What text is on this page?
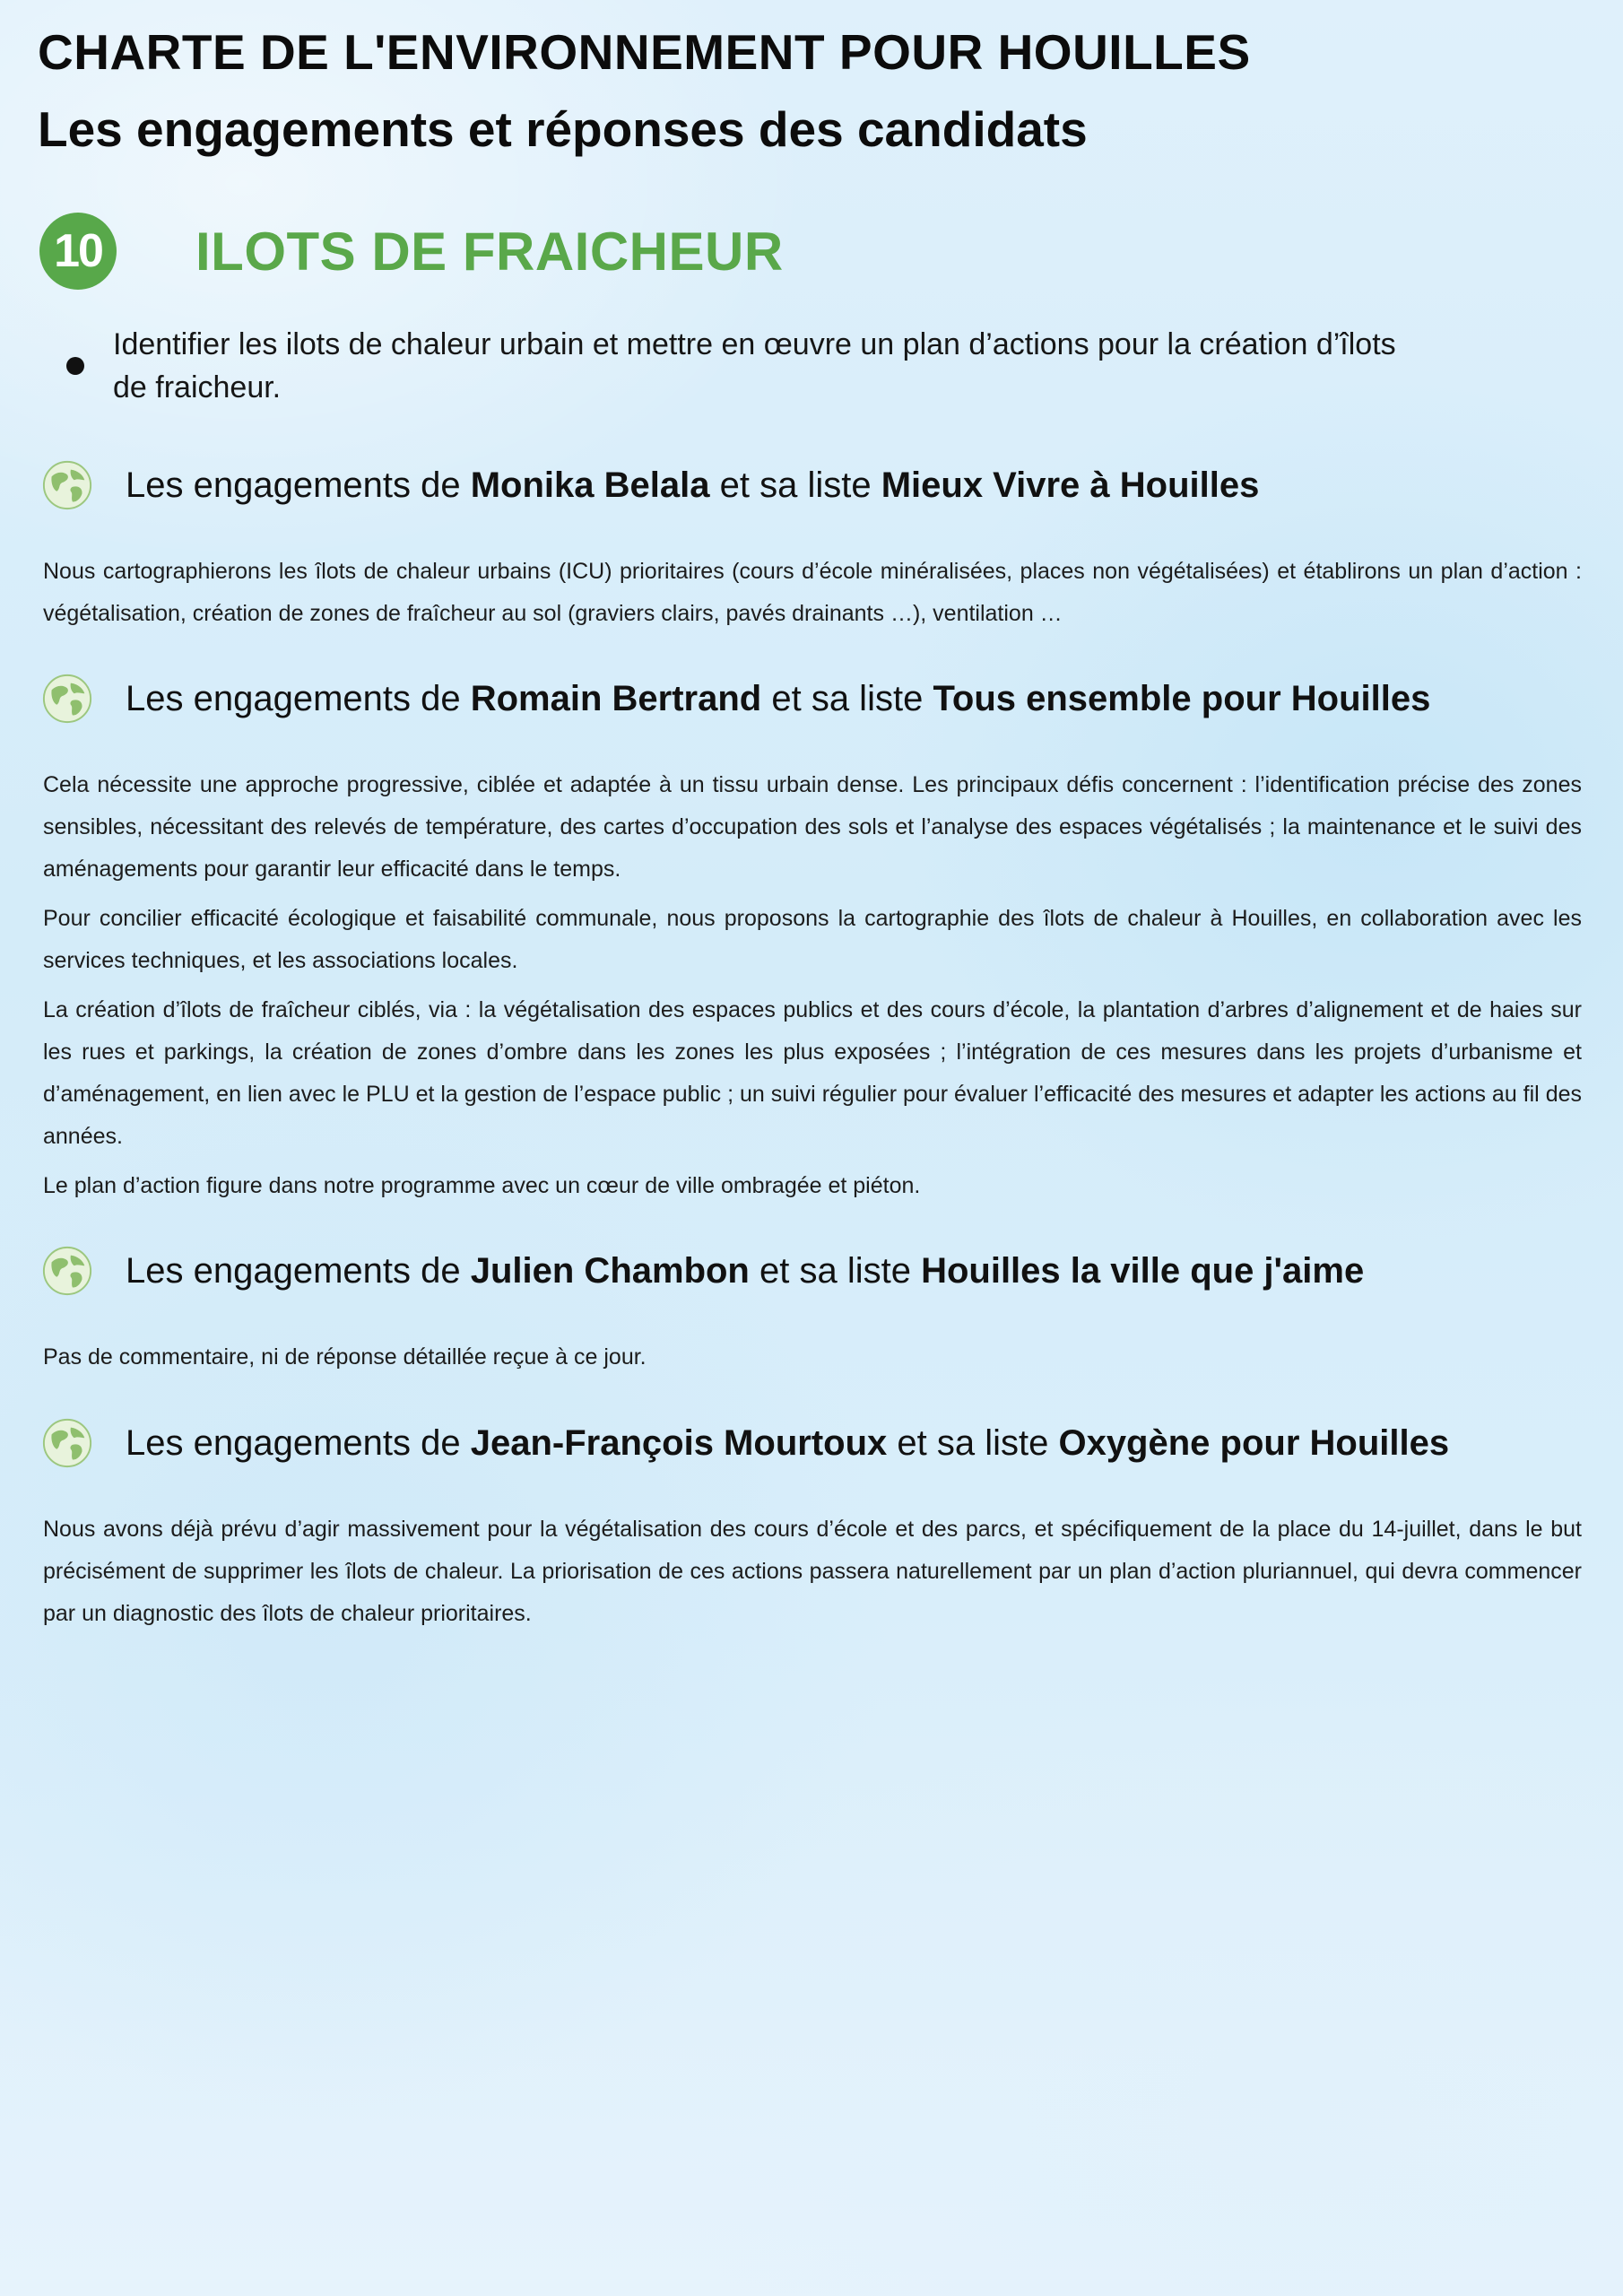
CHARTE DE L'ENVIRONNEMENT POUR HOUILLES
Les engagements et réponses des candidats
10 ILOTS DE FRAICHEUR
Identifier les ilots de chaleur urbain et mettre en œuvre un plan d’actions pour la création d’îlots de fraicheur.
Les engagements de Monika Belala et sa liste Mieux Vivre à Houilles

Nous cartographierons les îlots de chaleur urbains (ICU) prioritaires (cours d’école minéralisées, places non végétalisées) et établirons un plan d’action : végétalisation, création de zones de fraîcheur au sol (graviers clairs, pavés drainants …), ventilation …

Les engagements de Romain Bertrand et sa liste Tous ensemble pour Houilles

Cela nécessite une approche progressive, ciblée et adaptée à un tissu urbain dense. Les principaux défis concernent : l’identification précise des zones sensibles, nécessitant des relevés de température, des cartes d’occupation des sols et l’analyse des espaces végétalisés ; la maintenance et le suivi des aménagements pour garantir leur efficacité dans le temps.

Pour concilier efficacité écologique et faisabilité communale, nous proposons la cartographie des îlots de chaleur à Houilles, en collaboration avec les services techniques, et les associations locales.

La création d’îlots de fraîcheur ciblés, via : la végétalisation des espaces publics et des cours d’école, la plantation d’arbres d’alignement et de haies sur les rues et parkings, la création de zones d’ombre dans les zones les plus exposées ; l’intégration de ces mesures dans les projets d’urbanisme et d’aménagement, en lien avec le PLU et la gestion de l’espace public ; un suivi régulier pour évaluer l’efficacité des mesures et adapter les actions au fil des années.

Le plan d’action figure dans notre programme avec un cœur de ville ombragée et piéton.

Les engagements de Julien Chambon et sa liste Houilles la ville que j'aime

Pas de commentaire, ni de réponse détaillée reçue à ce jour.

Les engagements de Jean-François Mourtoux et sa liste Oxygène pour Houilles

Nous avons déjà prévu d’agir massivement pour la végétalisation des cours d’école et des parcs, et spécifiquement de la place du 14-juillet, dans le but précisément de supprimer les îlots de chaleur. La priorisation de ces actions passera naturellement par un plan d’action pluriannuel, qui devra commencer par un diagnostic des îlots de chaleur prioritaires.
